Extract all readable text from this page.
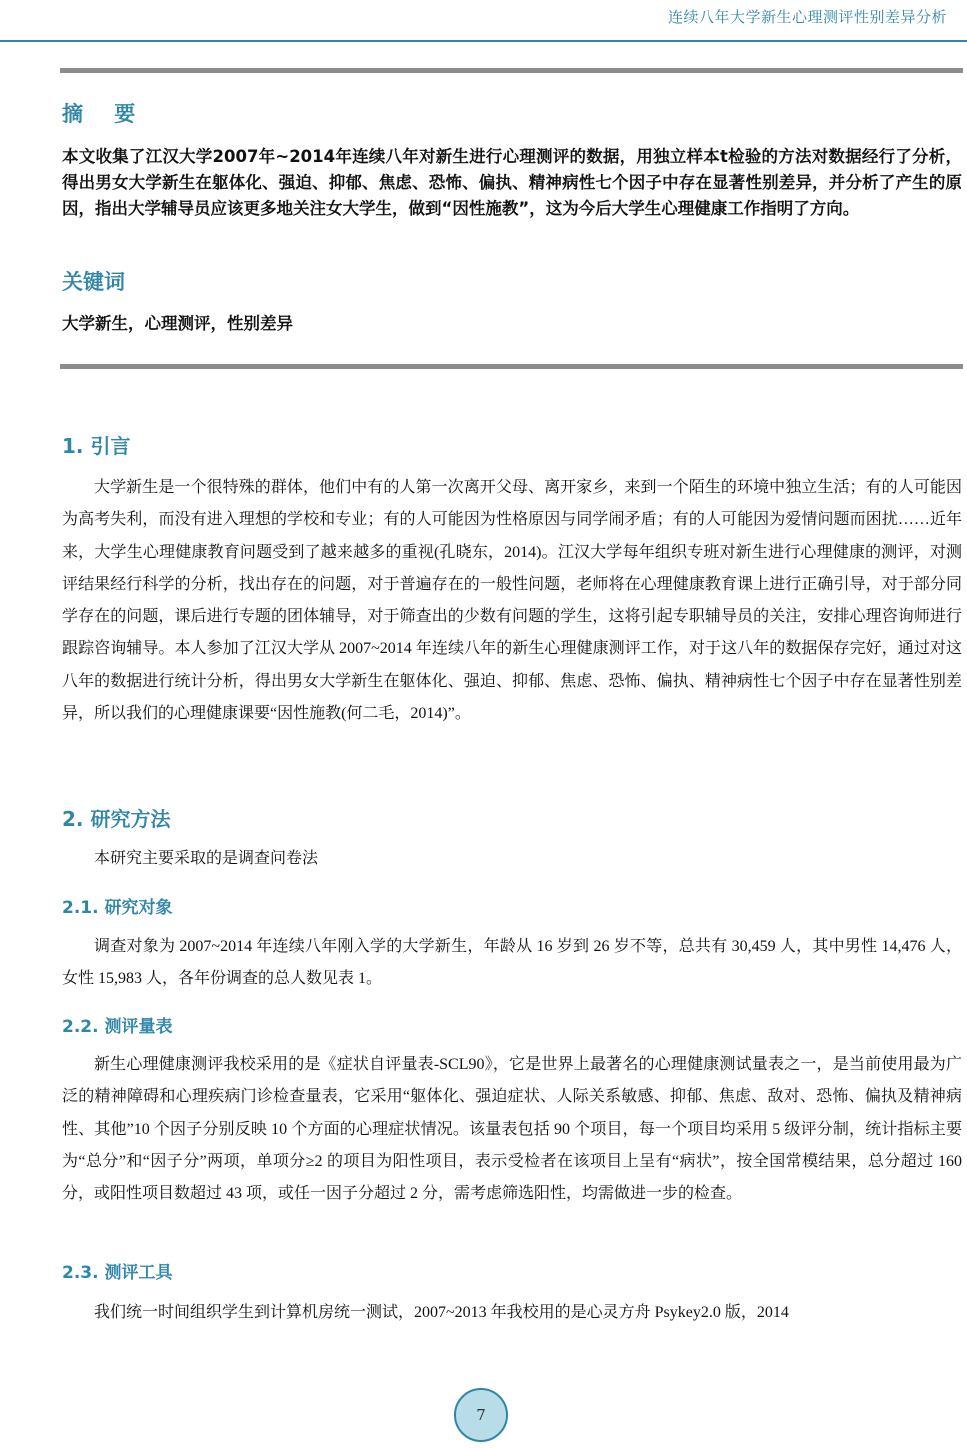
连续八年大学新生心理测评性别差异分析
摘 要
本文收集了江汉大学2007年~2014年连续八年对新生进行心理测评的数据，用独立样本t检验的方法对数据经行了分析，得出男女大学新生在躯体化、强迫、抑郁、焦虑、恐怖、偏执、精神病性七个因子中存在显著性别差异，并分析了产生的原因，指出大学辅导员应该更多地关注女大学生，做到“因性施教”，这为今后大学生心理健康工作指明了方向。
关键词
大学新生，心理测评，性别差异
1. 引言
大学新生是一个很特殊的群体，他们中有的人第一次离开父母、离开家乡，来到一个陌生的环境中独立生活；有的人可能因为高考失利，而没有进入理想的学校和专业；有的人可能因为性格原因与同学闹矛盾；有的人可能因为爱情问题而困扰……近年来，大学生心理健康教育问题受到了越来越多的重视(孔晓东，2014)。江汉大学每年组织专班对新生进行心理健康的测评，对测评结果经行科学的分析，找出存在的问题，对于普遍存在的一般性问题，老师将在心理健康教育课上进行正确引导，对于部分同学存在的问题，课后进行专题的团体辅导，对于筛查出的少数有问题的学生，这将引起专职辅导员的关注，安排心理咨询师进行跟踪咨询辅导。本人参加了江汉大学从 2007~2014 年连续八年的新生心理健康测评工作，对于这八年的数据保存完好，通过对这八年的数据进行统计分析，得出男女大学新生在躯体化、强迫、抑郁、焦虑、恐怖、偏执、精神病性七个因子中存在显著性别差异，所以我们的心理健康课要“因性施教(何二毛，2014)”。
2. 研究方法
本研究主要采取的是调查问卷法
2.1. 研究对象
调查对象为 2007~2014 年连续八年刚入学的大学新生，年龄从 16 岁到 26 岁不等，总共有 30,459 人，其中男性 14,476 人，女性 15,983 人，各年份调查的总人数见表 1。
2.2. 测评量表
新生心理健康测评我校采用的是《症状自评量表-SCL90》，它是世界上最著名的心理健康测试量表之一，是当前使用最为广泛的精神障碍和心理疾病门诊检查量表，它采用“躯体化、强迫症状、人际关系敏感、抑郁、焦虑、敌对、恐怖、偏执及精神病性、其他”10 个因子分别反映 10 个方面的心理症状情况。该量表包括 90 个项目，每一个项目均采用 5 级评分制，统计指标主要为“总分”和“因子分”两项，单项分≥2 的项目为阳性项目，表示受检者在该项目上呈有“病状”，按全国常模结果，总分超过 160 分，或阳性项目数超过 43 项，或任一因子分超过 2 分，需考虑筛选阳性，均需做进一步的检查。
2.3. 测评工具
我们统一时间组织学生到计算机房统一测试，2007~2013 年我校用的是心灵方舟 Psykey2.0 版，2014
7
